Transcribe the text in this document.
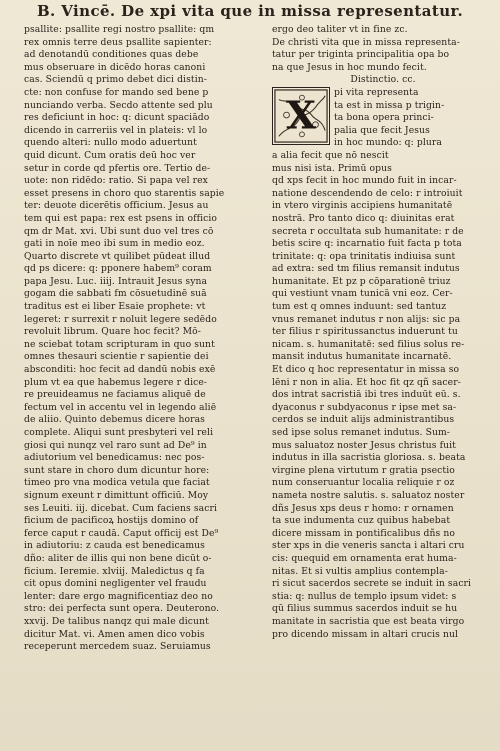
B. Vincē. De xpi vita que in missa representatur.
psallite: psallite regi nostro psallite: qm
rex omnis terre deus psallite sapienter:
ad denotandū conditiones quas debe
mus obseruare in dicēdo horas canoni
cas. Sciendū q primo debet dici distin-
cte: non confuse for mando sed bene p
nunciando verba. Secdo attente sed plu
res deficiunt in hoc: q: dicunt spaciādo
dicendo in carreriis vel in plateis: vl lo
quendo alteri: nullo modo aduertunt
quid dicunt. Cum oratis deū hoc ver
setur in corde qd pfertis ore. Tertio de-
uote: non ridēdo: ratio. Si papa vel rex
esset presens in choro quo starentis sapie
ter: deuote dicerētis officium. Jesus au
tem qui est papa: rex est psens in officio
qm dr Mat. xvi. Ubi sunt duo vel tres cō
gati in noīe meo ibi sum in medio eoz.
Quarto discrete vt quilibet pūdeat illud
qd ps dicere: q: pponere habem⁹ coram
papa Jesu. Luc. iiij. Intrauit Jesus syna
gogam die sabbati fm cōsuetudinē suā
traditus est ei liber Esaie prophete: vt
legeret: r surrexit r noluit legere sedēdo
revoluit librum. Quare hoc fecit? Mō-
ne sciebat totam scripturam in quo sunt
omnes thesauri scientie r sapientie dei
absconditi: hoc fecit ad dandū nobis exē
plum vt ea que habemus legere r dice-
re preuideamus ne faciamus aliquē de
fectum vel in accentu vel in legendo aliē
de aliio. Quinto debemus dicere horas
complete. Aliqui sunt presbyteri vel reli
giosi qui nunqz vel raro sunt ad De⁹ in
adiutorium vel benedicamus: nec pos-
sunt stare in choro dum dicuntur hore:
timeo pro vna modica vetula que faciat
signum exeunt r dimittunt officiū. Moy
ses Leuiti. iij. dicebat. Cum faciens sacri
ficium de pacificoꝝ hostijs domino of
ferce caput r caudā. Caput officij est De⁹
in adiutoriu: z cauda est benedicamus
dño: aliter de illis qui non bene dicūt o-
ficium. Ieremie. xlviij. Maledictus q fa
cit opus domini negligenter vel fraudu
lenter: dare ergo magnificentiaz deo no
stro: dei perfecta sunt opera. Deuterono.
xxvij. De talibus nanqz qui male dicunt
dicitur Mat. vi. Amen amen dico vobis
receperunt mercedem suaz. Seruiamus
ergo deo taliter vt in fine zc.
De christi vita que in missa representa-
tatur per triginta principalitia opa bo
na que Jesus in hoc mundo fecit.
Distinctio. cc.
X
pi vita representa
ta est in missa p trigin-
ta bona opera princi-
palia que fecit Jesus
in hoc mundo: q: plura
a alia fecit que nō nescit
mus nisi ista. Primū opus
qd xps fecit in hoc mundo fuit in incar-
natione descendendo de celo: r introiuit
in vtero virginis accipiens humanitatē
nostrā. Pro tanto dico q: diuinitas erat
secreta r occultata sub humanitate: r de
betis scire q: incarnatio fuit facta p tota
trinitate: q: opa trinitatis indiuisa sunt
ad extra: sed tm filius remansit indutus
humanitate. Et pz p cōparationē triuz
qui vestiunt vnam tunicā vni eoz. Cer-
tum est q omnes induunt: sed tantuz
vnus remanet indutus r non alijs: sic pa
ter filius r spiritussanctus induerunt tu
nicam. s. humanitatē: sed filius solus re-
mansit indutus humanitate incarnatē.
Et dico q hoc representatur in missa so
lēni r non in alia. Et hoc fit qz qñ sacer-
dos intrat sacristiā ibi tres induūt eū. s.
dyaconus r subdyaconus r ipse met sa-
cerdos se induit alijs administrantibus
sed ipse solus remanet indutus. Sum-
mus saluatoz noster Jesus christus fuit
indutus in illa sacristia gloriosa. s. beata
virgine plena virtutum r gratia psectio
num conseruantur localia reliquie r oz
nameta nostre salutis. s. saluatoz noster
dñs Jesus xps deus r homo: r ornamen
ta sue indumenta cuz quibus habebat
dicere missam in pontificalibus dñs no
ster xps in die veneris sancta i altari cru
cis: quequid em ornamenta erat huma-
nitas. Et si vultis amplius contempla-
ri sicut sacerdos secrete se induit in sacri
stia: q: nullus de templo ipsum videt: s
qū filius summus sacerdos induit se hu
manitate in sacristia que est beata virgo
pro dicendo missam in altari crucis nul
